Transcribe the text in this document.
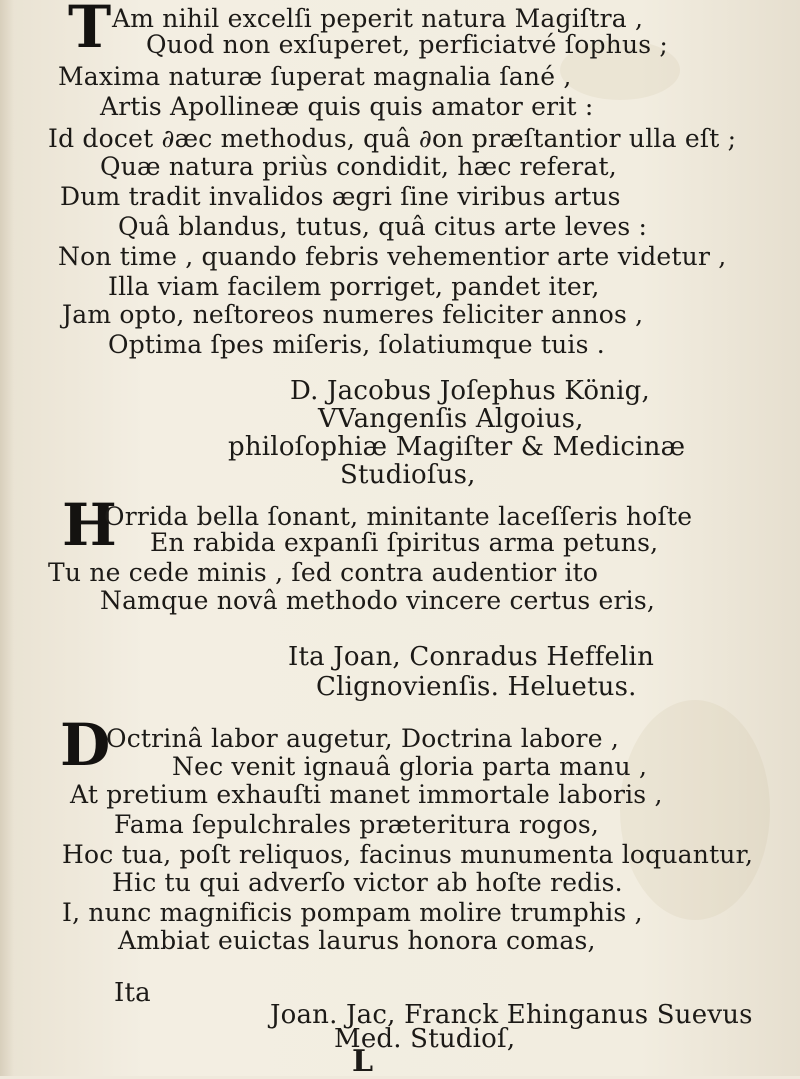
T Am nihil excelſi peperit natura Magiſtra ,
Quod non exſuperet, perficiatvé ſophus ;
Maxima naturæ ſuperat magnalia ſané ,
Artis Apollineæ quis quis amator erit :
Id docet ∂æc methodus, quâ ∂on præſtantior ulla eſt ;
Quæ natura priùs condidit, hæc referat,
Dum tradit invalidos ægri ſine viribus artus
Quâ blandus, tutus, quâ citus arte leves :
Non time , quando febris vehementior arte videtur ,
Illa viam facilem porriget, pandet iter,
Jam opto, neſtoreos numeres feliciter annos ,
Optima ſpes miſeris, ſolatiumque tuis .
D. Jacobus Joſephus König,
VVangenſis Algoius,
philoſophiæ Magiſter & Medicinæ
Studioſus,
H
Orrida bella ſonant, minitante laceſſeris hoſte
En rabida expanſi ſpiritus arma petuns,
Tu ne cede minis , ſed contra audentior ito
Namque novâ methodo vincere certus eris,
Ita Joan, Conradus Heffelin
Clignovienſis. Heluetus.
D
Octrinâ labor augetur, Doctrina labore ,
Nec venit ignauâ gloria parta manu ,
At pretium exhauſti manet immortale laboris ,
Fama ſepulchrales præteritura rogos,
Hoc tua, poſt reliquos, facinus munumenta loquantur,
Hic tu qui adverſo victor ab hoſte redis.
I, nunc magnificis pompam molire trumphis ,
Ambiat euictas laurus honora comas,
Ita
Joan. Jac, Franck Ehinganus Suevus
Med. Studioſ,
L
